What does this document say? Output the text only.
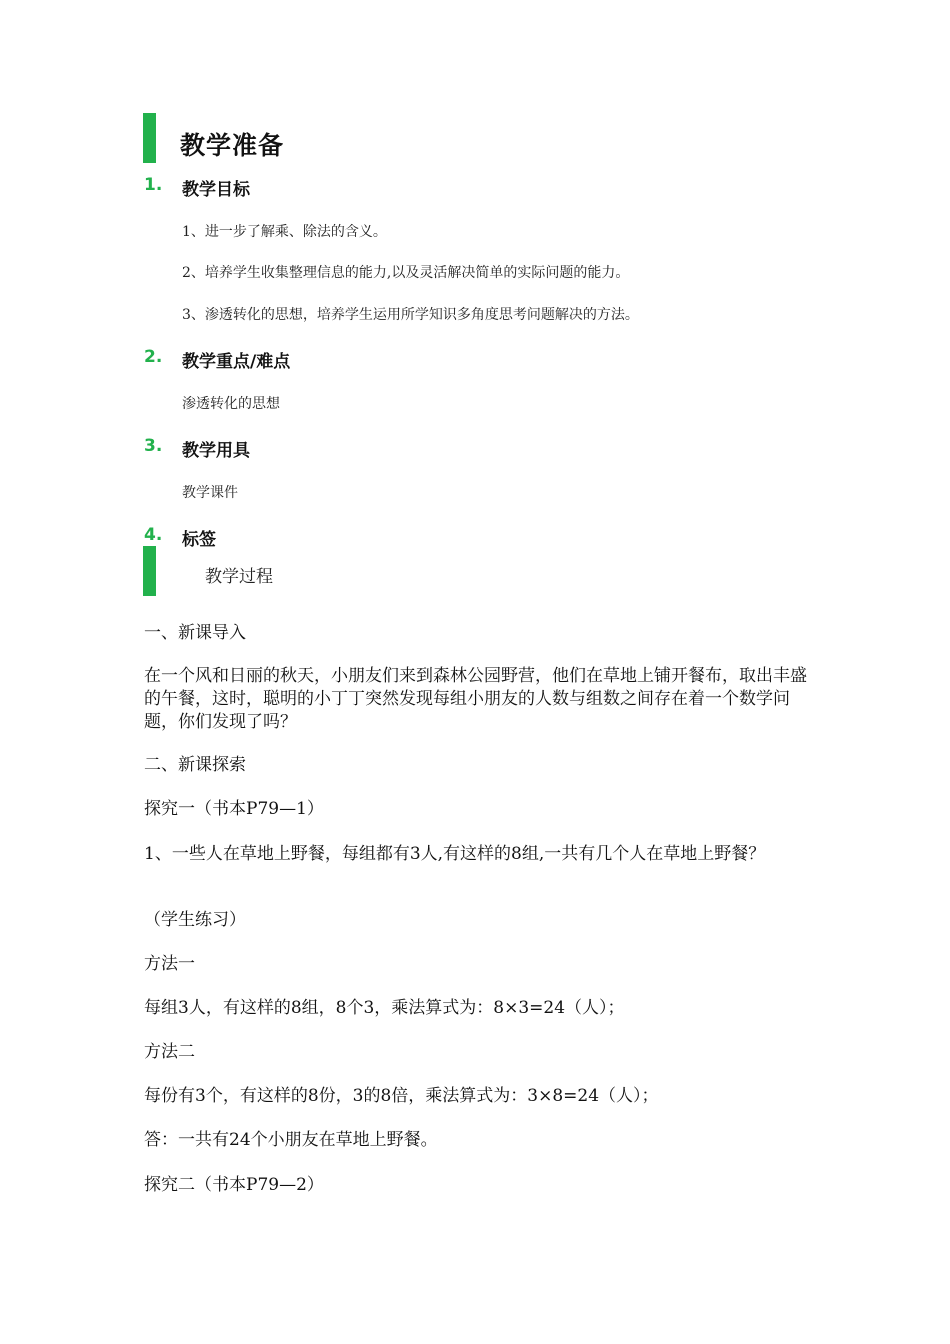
教学准备
1. 教学目标
1、进一步了解乘、除法的含义。
2、培养学生收集整理信息的能力,以及灵活解决简单的实际问题的能力。
3、渗透转化的思想，培养学生运用所学知识多角度思考问题解决的方法。
2. 教学重点/难点
渗透转化的思想
3. 教学用具
教学课件
4. 标签
教学过程
一、新课导入
在一个风和日丽的秋天，小朋友们来到森林公园野营，他们在草地上铺开餐布，取出丰盛的午餐，这时，聪明的小丁丁突然发现每组小朋友的人数与组数之间存在着一个数学问题，你们发现了吗？
二、新课探索
探究一（书本P79—1）
1、一些人在草地上野餐，每组都有3人,有这样的8组,一共有几个人在草地上野餐？
（学生练习）
方法一
每组3人，有这样的8组，8个3，乘法算式为：8×3=24（人）；
方法二
每份有3个，有这样的8份，3的8倍，乘法算式为：3×8=24（人）；
答：一共有24个小朋友在草地上野餐。
探究二（书本P79—2）
